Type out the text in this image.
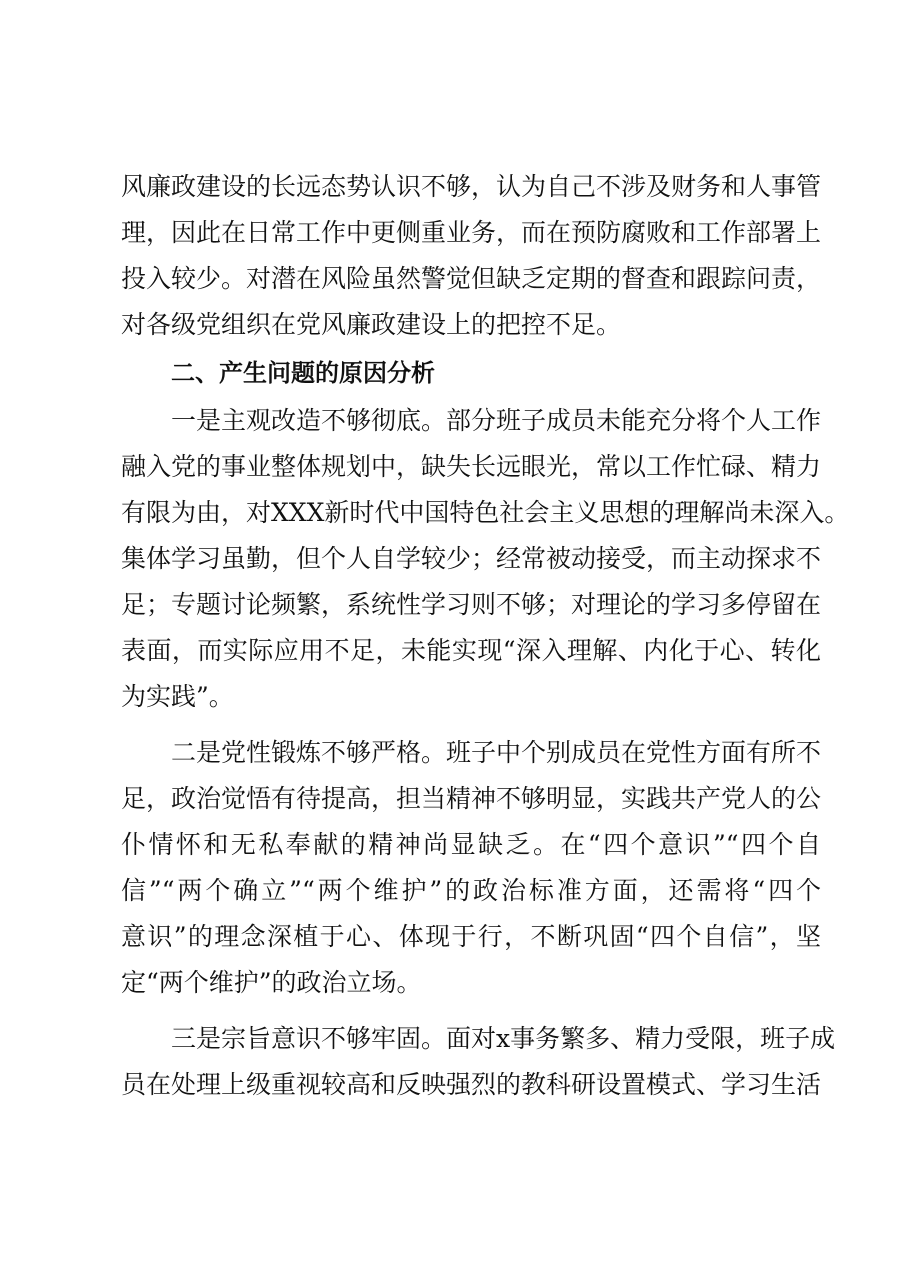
风廉政建设的长远态势认识不够，认为自己不涉及财务和人事管
理，因此在日常工作中更侧重业务，而在预防腐败和工作部署上
投入较少。对潜在风险虽然警觉但缺乏定期的督查和跟踪问责，
对各级党组织在党风廉政建设上的把控不足。
二、产生问题的原因分析
一是主观改造不够彻底。部分班子成员未能充分将个人工作
融入党的事业整体规划中，缺失长远眼光，常以工作忙碌、精力
有限为由，对XXX新时代中国特色社会主义思想的理解尚未深入。
集体学习虽勤，但个人自学较少；经常被动接受，而主动探求不
足；专题讨论频繁，系统性学习则不够；对理论的学习多停留在
表面，而实际应用不足，未能实现“深入理解、内化于心、转化
为实践”。
二是党性锻炼不够严格。班子中个别成员在党性方面有所不
足，政治觉悟有待提高，担当精神不够明显，实践共产党人的公
仆情怀和无私奉献的精神尚显缺乏。在“四个意识”“四个自
信”“两个确立”“两个维护”的政治标准方面，还需将“四个
意识”的理念深植于心、体现于行，不断巩固“四个自信”，坚
定“两个维护”的政治立场。
三是宗旨意识不够牢固。面对x事务繁多、精力受限，班子成
员在处理上级重视较高和反映强烈的教科研设置模式、学习生活
